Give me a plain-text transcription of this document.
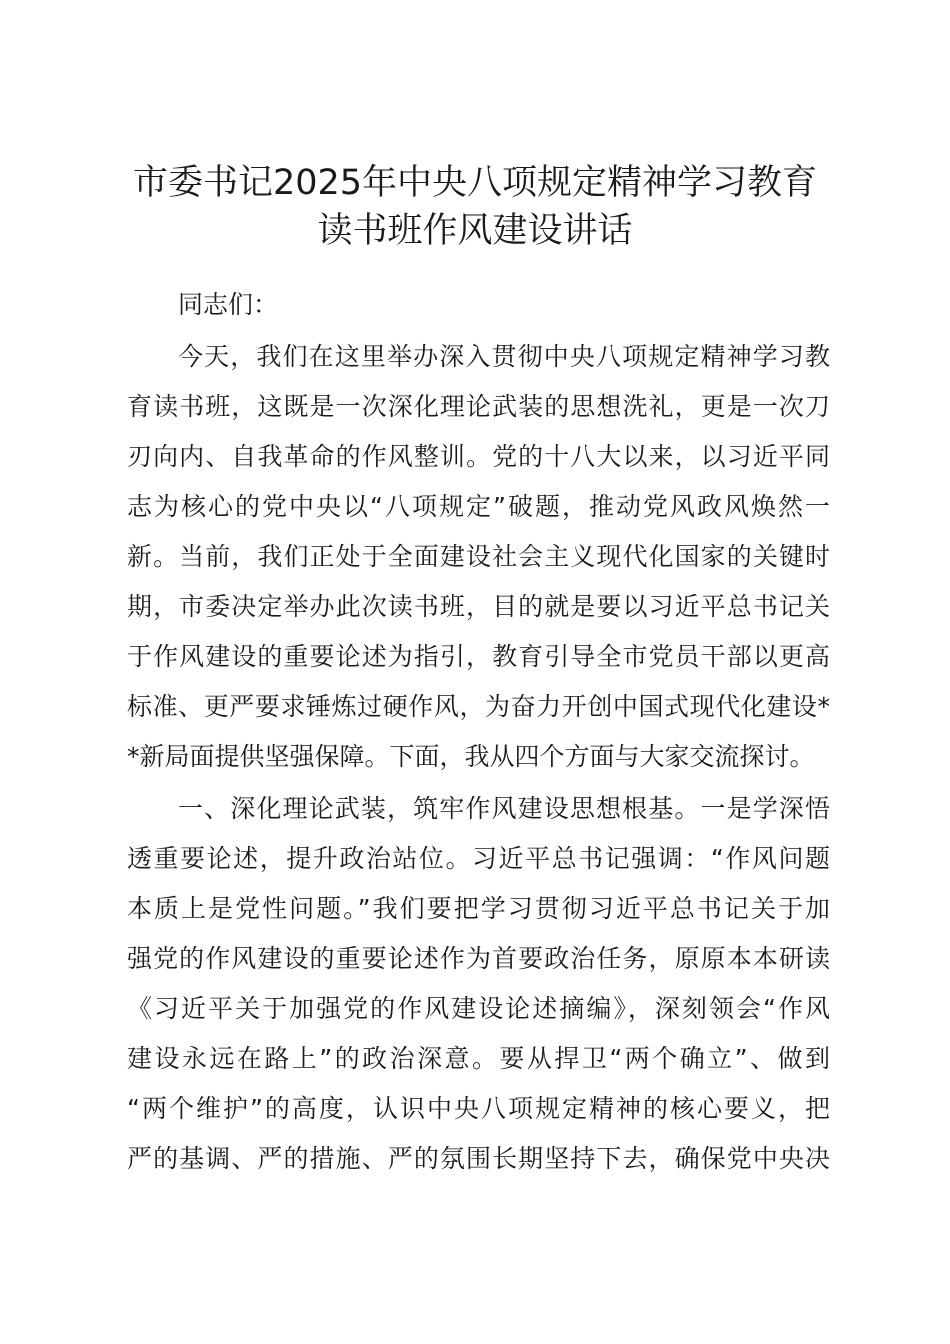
市委书记2025年中央八项规定精神学习教育
读书班作风建设讲话
同志们：
今天，我们在这里举办深入贯彻中央八项规定精神学习教
育读书班，这既是一次深化理论武装的思想洗礼，更是一次刀
刃向内、自我革命的作风整训。党的十八大以来，以习近平同
志为核心的党中央以“八项规定”破题，推动党风政风焕然一
新。当前，我们正处于全面建设社会主义现代化国家的关键时
期，市委决定举办此次读书班，目的就是要以习近平总书记关
于作风建设的重要论述为指引，教育引导全市党员干部以更高
标准、更严要求锤炼过硬作风，为奋力开创中国式现代化建设*
*新局面提供坚强保障。下面，我从四个方面与大家交流探讨。
一、深化理论武装，筑牢作风建设思想根基。一是学深悟
透重要论述，提升政治站位。习近平总书记强调：“作风问题
本质上是党性问题。”我们要把学习贯彻习近平总书记关于加
强党的作风建设的重要论述作为首要政治任务，原原本本研读
《习近平关于加强党的作风建设论述摘编》，深刻领会“作风
建设永远在路上”的政治深意。要从捍卫“两个确立”、做到
“两个维护”的高度，认识中央八项规定精神的核心要义，把
严的基调、严的措施、严的氛围长期坚持下去，确保党中央决
